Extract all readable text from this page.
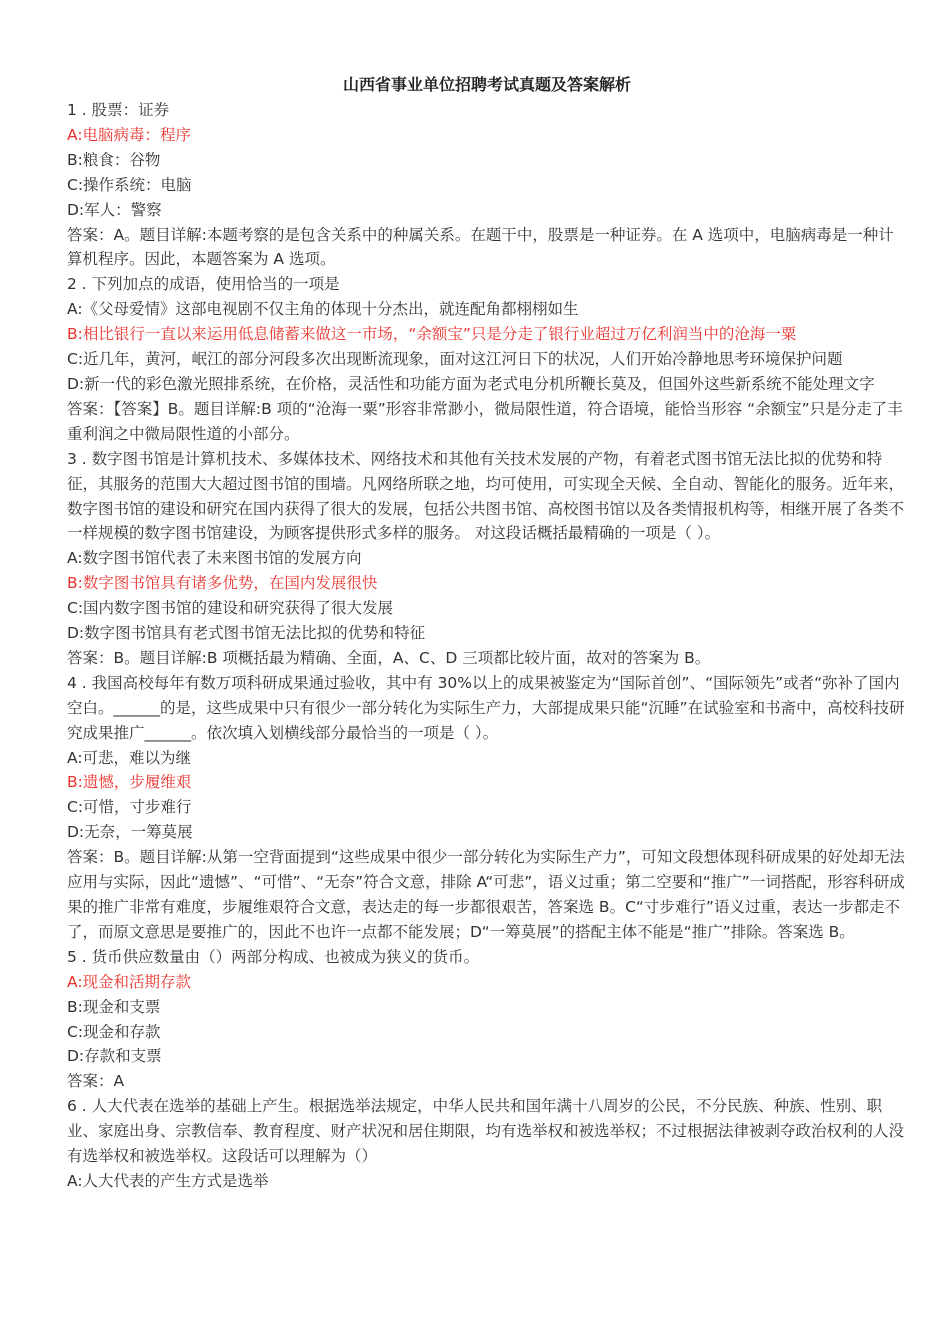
山西省事业单位招聘考试真题及答案解析
1 . 股票：证券
A:电脑病毒：程序
B:粮食：谷物
C:操作系统：电脑
D:军人：警察
答案：A。题目详解:本题考察的是包含关系中的种属关系。在题干中，股票是一种证券。在 A 选项中，电脑病毒是一种计算机程序。因此，本题答案为 A 选项。
2 . 下列加点的成语，使用恰当的一项是
A:《父母爱情》这部电视剧不仅主角的体现十分杰出，就连配角都栩栩如生
B:相比银行一直以来运用低息储蓄来做这一市场，“余额宝”只是分走了银行业超过万亿利润当中的沧海一粟
C:近几年，黄河，岷江的部分河段多次出现断流现象，面对这江河日下的状况，人们开始冷静地思考环境保护问题
D:新一代的彩色激光照排系统，在价格，灵活性和功能方面为老式电分机所鞭长莫及，但国外这些新系统不能处理文字
答案：【答案】B。题目详解:B 项的“沧海一粟”形容非常渺小，微局限性道，符合语境，能恰当形容 “余额宝”只是分走了丰重利润之中微局限性道的小部分。
3 . 数字图书馆是计算机技术、多媒体技术、网络技术和其他有关技术发展的产物，有着老式图书馆无法比拟的优势和特征，其服务的范围大大超过图书馆的围墙。凡网络所联之地，均可使用，可实现全天候、全自动、智能化的服务。近年来，数字图书馆的建设和研究在国内获得了很大的发展，包括公共图书馆、高校图书馆以及各类情报机构等，相继开展了各类不一样规模的数字图书馆建设，为顾客提供形式多样的服务。 对这段话概括最精确的一项是（ ）。
A:数字图书馆代表了未来图书馆的发展方向
B:数字图书馆具有诸多优势，在国内发展很快
C:国内数字图书馆的建设和研究获得了很大发展
D:数字图书馆具有老式图书馆无法比拟的优势和特征
答案：B。题目详解:B 项概括最为精确、全面，A、C、D 三项都比较片面，故对的答案为 B。
4 . 我国高校每年有数万项科研成果通过验收，其中有 30%以上的成果被鉴定为“国际首创”、“国际领先”或者“弥补了国内空白。______的是，这些成果中只有很少一部分转化为实际生产力，大部提成果只能“沉睡”在试验室和书斋中，高校科技研究成果推广______。依次填入划横线部分最恰当的一项是（ ）。
A:可悲，难以为继
B:遗憾，步履维艰
C:可惜，寸步难行
D:无奈，一筹莫展
答案：B。题目详解:从第一空背面提到“这些成果中很少一部分转化为实际生产力”，可知文段想体现科研成果的好处却无法应用与实际，因此“遗憾”、“可惜”、“无奈”符合文意，排除 A“可悲”，语义过重；第二空要和“推广”一词搭配，形容科研成果的推广非常有难度，步履维艰符合文意，表达走的每一步都很艰苦，答案选 B。C“寸步难行”语义过重，表达一步都走不了，而原文意思是要推广的，因此不也许一点都不能发展；D“一筹莫展”的搭配主体不能是“推广”排除。答案选 B。
5 . 货币供应数量由（）两部分构成、也被成为狭义的货币。
A:现金和活期存款
B:现金和支票
C:现金和存款
D:存款和支票
答案：A
6 . 人大代表在选举的基础上产生。根据选举法规定，中华人民共和国年满十八周岁的公民，不分民族、种族、性别、职业、家庭出身、宗教信奉、教育程度、财产状况和居住期限，均有选举权和被选举权；不过根据法律被剥夺政治权利的人没有选举权和被选举权。这段话可以理解为（）
A:人大代表的产生方式是选举
